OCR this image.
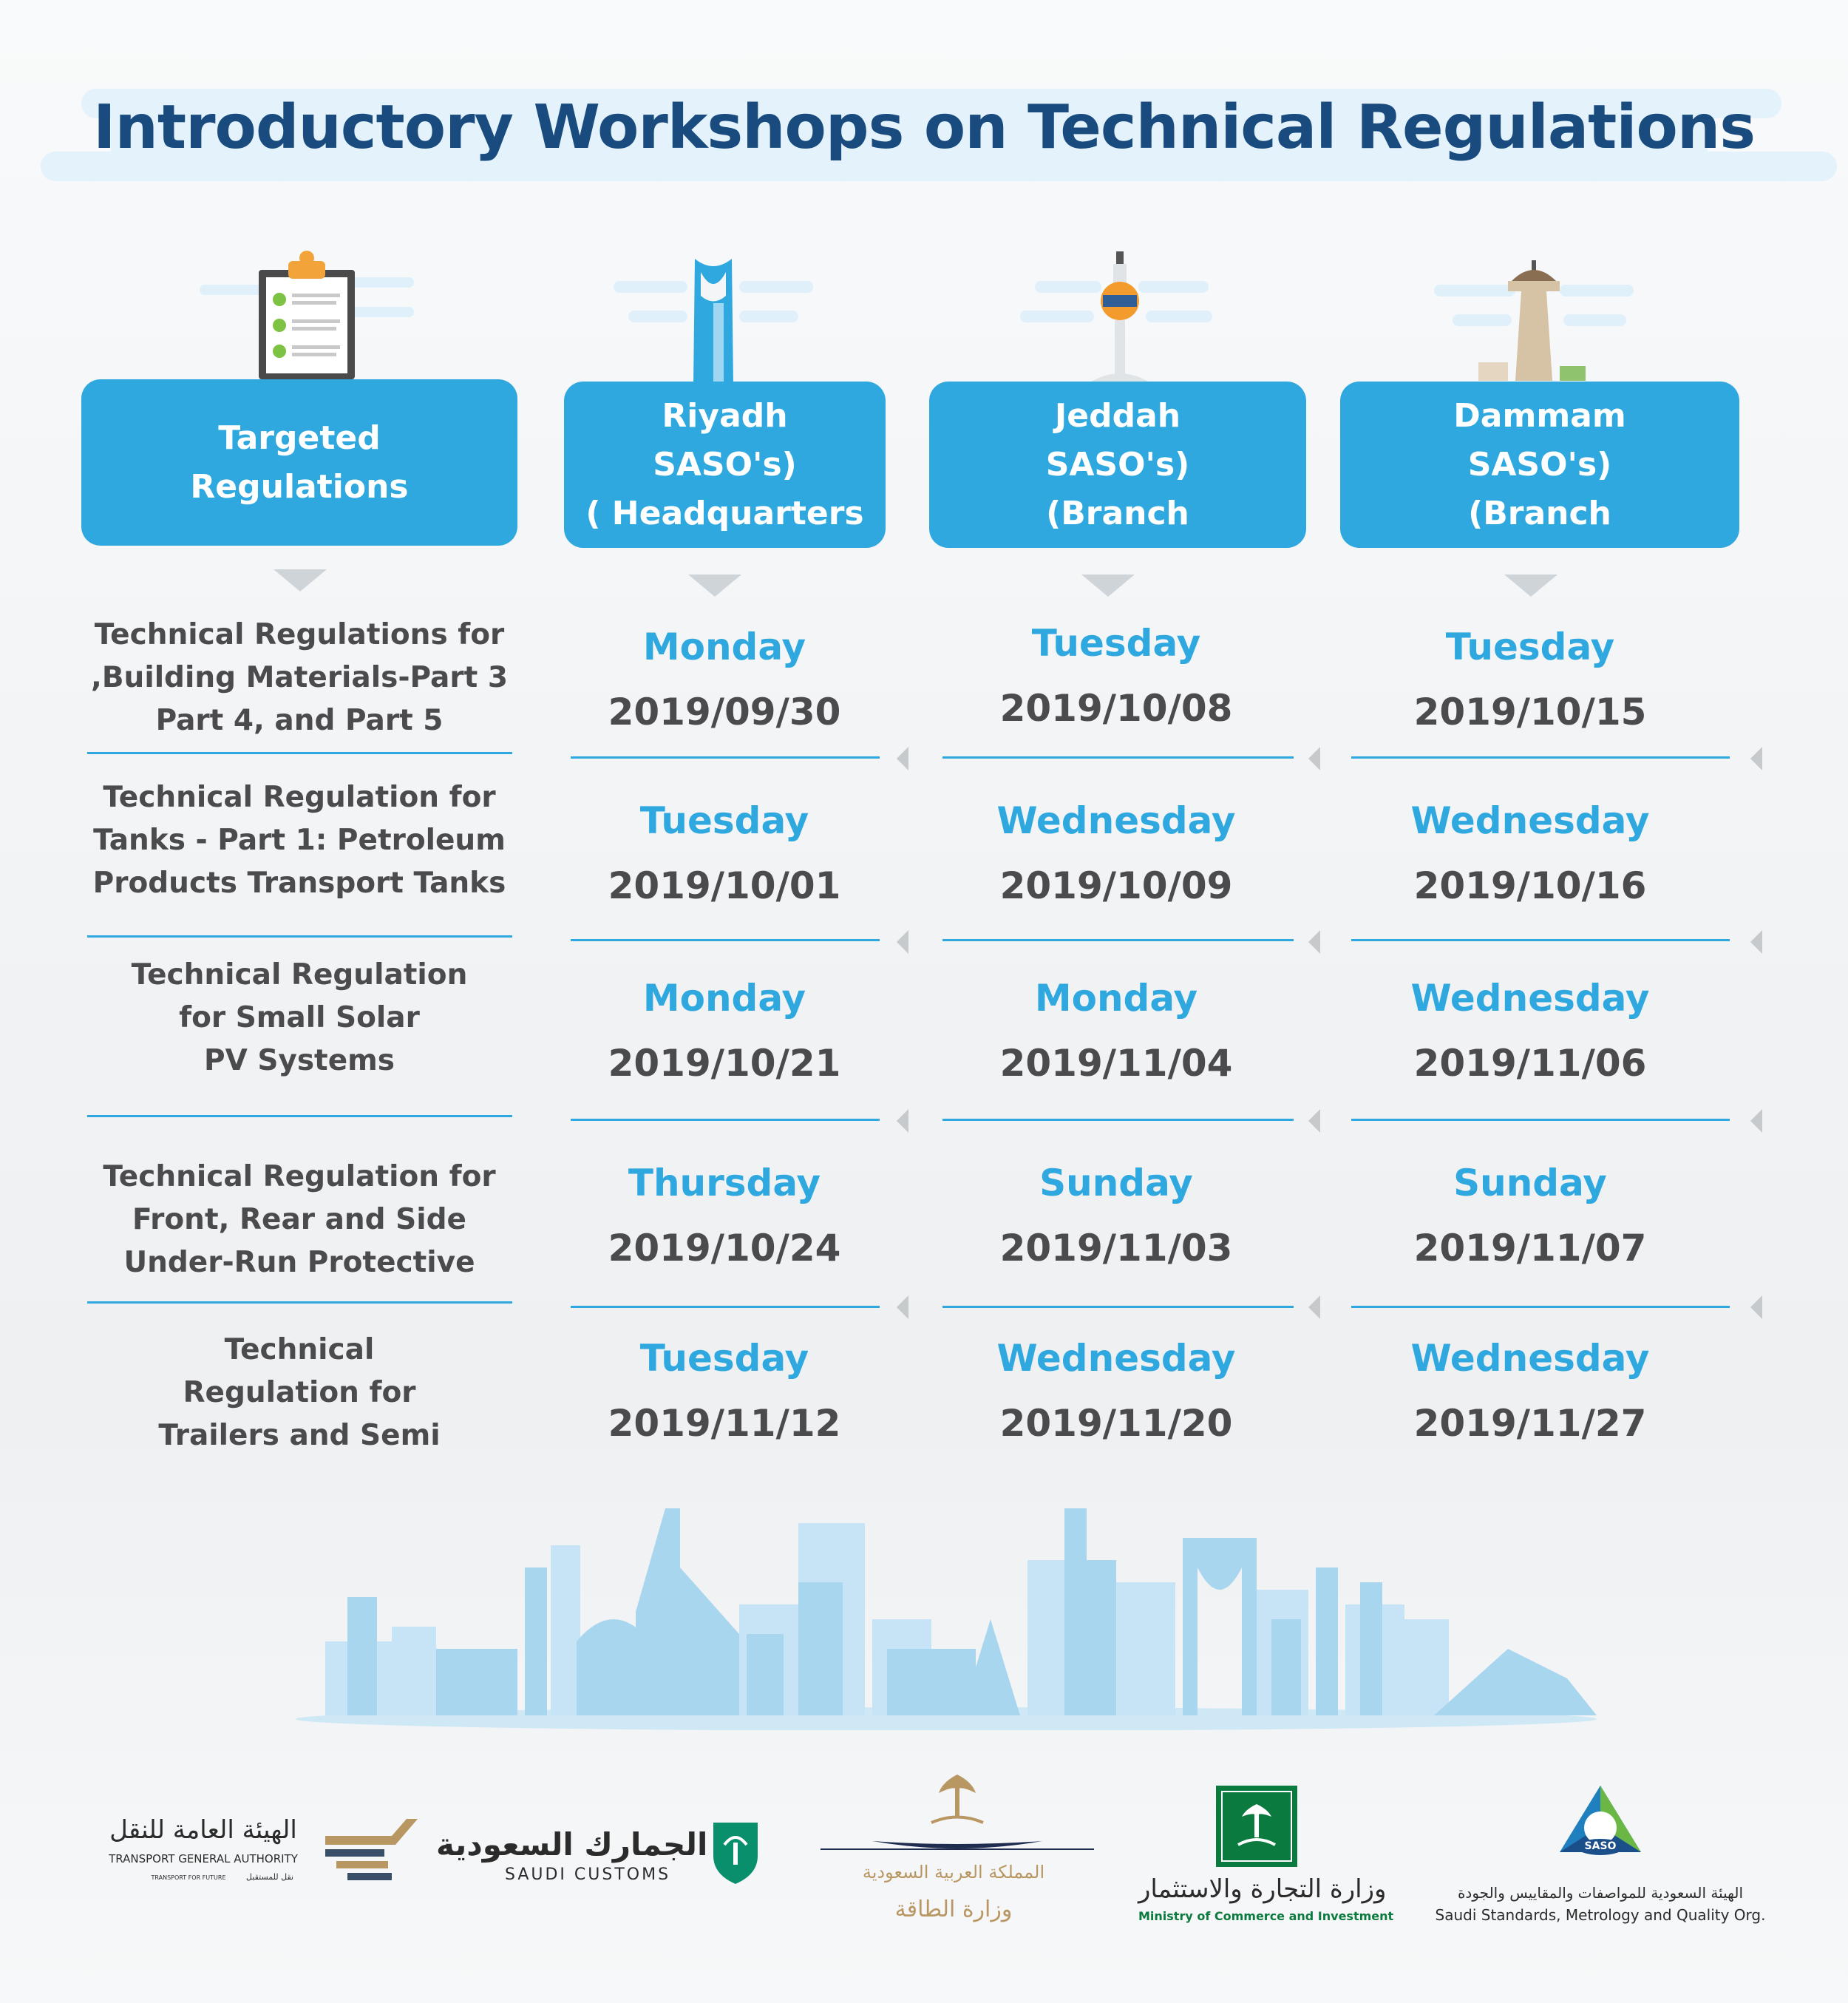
Introductory Workshops on Technical Regulations
Targeted
Regulations
Riyadh
SASO's)
( Headquarters
Jeddah
SASO's)
(Branch
Dammam
SASO's)
(Branch
Technical Regulations for
,Building Materials-Part 3
Part 4, and Part 5
Monday
2019/09/30
Tuesday
2019/10/08
Tuesday
2019/10/15
Technical Regulation for
Tanks - Part 1: Petroleum
Products Transport Tanks
Tuesday
2019/10/01
Wednesday
2019/10/09
Wednesday
2019/10/16
Technical Regulation
for Small Solar
PV Systems
Monday
2019/10/21
Monday
2019/11/04
Wednesday
2019/11/06
Technical Regulation for
Front, Rear and Side
Under-Run Protective
Thursday
2019/10/24
Sunday
2019/11/03
Sunday
2019/11/07
Technical
Regulation for
Trailers and Semi
Tuesday
2019/11/12
Wednesday
2019/11/20
Wednesday
2019/11/27
الهيئة العامة للنقل
TRANSPORT GENERAL AUTHORITY
TRANSPORT FOR FUTURE	نقل للمستقبل
الجمارك السعودية
SAUDI CUSTOMS	المملكة العربية السعودية
وزارة الطاقة
وزارة التجارة والاستثمار
Ministry of Commerce and Investment
SASO
الهيئة السعودية للمواصفات والمقاييس والجودة
Saudi Standards, Metrology and Quality Org.
